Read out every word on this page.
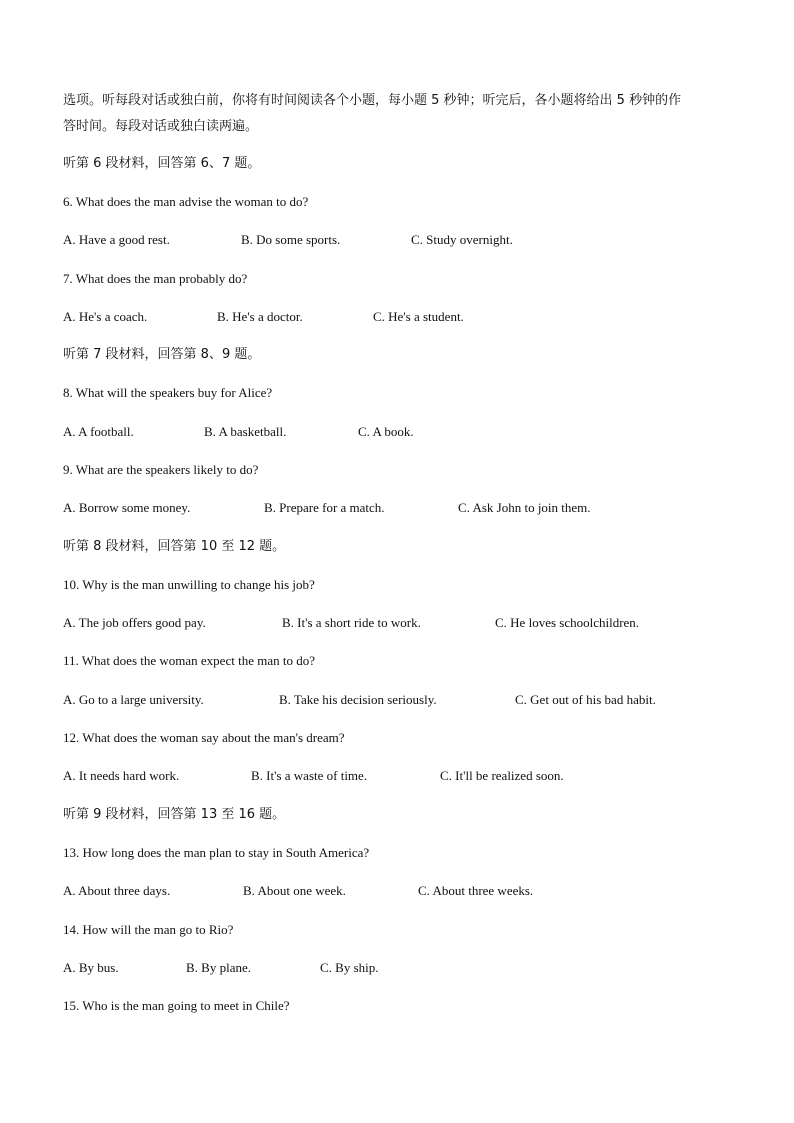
选项。听每段对话或独白前，你将有时间阅读各个小题，每小题 5 秒钟；听完后，各小题将给出 5 秒钟的作
答时间。每段对话或独白读两遍。
听第 6 段材料，回答第 6、7 题。
6. What does the man advise the woman to do?
A. Have a good rest.	B. Do some sports.	C. Study overnight.
7. What does the man probably do?
A. He's a coach.	B. He's a doctor.	C. He's a student.
听第 7 段材料，回答第 8、9 题。
8. What will the speakers buy for Alice?
A. A football.	B. A basketball.	C. A book.
9. What are the speakers likely to do?
A. Borrow some money.	B. Prepare for a match.	C. Ask John to join them.
听第 8 段材料，回答第 10 至 12 题。
10. Why is the man unwilling to change his job?
A. The job offers good pay.	B. It's a short ride to work.	C. He loves schoolchildren.
11. What does the woman expect the man to do?
A. Go to a large university.	B. Take his decision seriously.	C. Get out of his bad habit.
12. What does the woman say about the man's dream?
A. It needs hard work.	B. It's a waste of time.	C. It'll be realized soon.
听第 9 段材料，回答第 13 至 16 题。
13. How long does the man plan to stay in South America?
A. About three days.	B. About one week.	C. About three weeks.
14. How will the man go to Rio?
A. By bus.	B. By plane.	C. By ship.
15. Who is the man going to meet in Chile?
